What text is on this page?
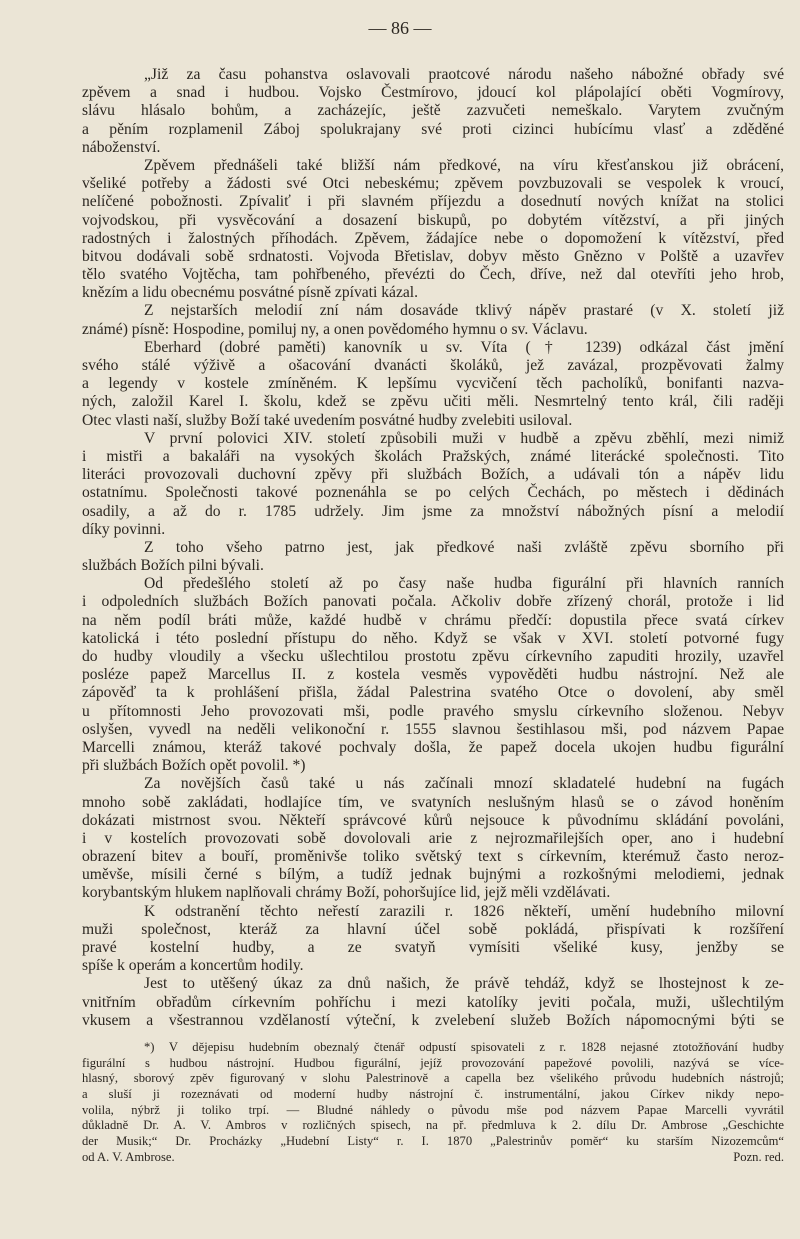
— 86 —
„Již za času pohanstva oslavovali praotcové národu našeho nábožné obřady své
zpěvem a snad i hudbou. Vojsko Čestmírovo, jdoucí kol plápolající oběti Vogmírovy,
slávu hlásalo bohům, a zacházejíc, ještě zazvučeti nemeškalo. Varytem zvučným
a pěním rozplamenil Záboj spolukrajany své proti cizinci hubícímu vlasť a zděděné
náboženství.
Zpěvem přednášeli také bližší nám předkové, na víru křesťanskou již obrácení,
všeliké potřeby a žádosti své Otci nebeskému; zpěvem povzbuzovali se vespolek k vroucí,
nelíčené pobožnosti. Zpívaliť i při slavném příjezdu a dosednutí nových knížat na stolici
vojvodskou, při vysvěcování a dosazení biskupů, po dobytém vítězství, a při jiných
radostných i žalostných příhodách. Zpěvem, žádajíce nebe o dopomožení k vítězství, před
bitvou dodávali sobě srdnatosti. Vojvoda Břetislav, dobyv město Gnězno v Polště a uzavřev
tělo svatého Vojtěcha, tam pohřbeného, převézti do Čech, dříve, než dal otevříti jeho hrob,
knězím a lidu obecnému posvátné písně zpívati kázal.
Z nejstarších melodií zní nám dosaváde tklivý nápěv prastaré (v X. století již
známé) písně: Hospodine, pomiluj ny, a onen povědomého hymnu o sv. Václavu.
Eberhard (dobré paměti) kanovník u sv. Víta († 1239) odkázal část jmění
svého stálé výživě a ošacování dvanácti školáků, jež zavázal, prozpěvovati žalmy
a legendy v kostele zmíněném. K lepšímu vycvičení těch pacholíků, bonifanti nazva-
ných, založil Karel I. školu, kdež se zpěvu učiti měli. Nesmrtelný tento král, čili raději
Otec vlasti naší, služby Boží také uvedením posvátné hudby zvelebiti usiloval.
V první polovici XIV. století způsobili muži v hudbě a zpěvu zběhlí, mezi nimiž
i mistři a bakaláři na vysokých školách Pražských, známé literácké společnosti. Tito
literáci provozovali duchovní zpěvy při službách Božích, a udávali tón a nápěv lidu
ostatnímu. Společnosti takové poznenáhla se po celých Čechách, po městech i dědinách
osadily, a až do r. 1785 udržely. Jim jsme za množství nábožných písní a melodií
díky povinni.
Z toho všeho patrno jest, jak předkové naši zvláště zpěvu sborního při
službách Božích pilni bývali.
Od předešlého století až po časy naše hudba figurální při hlavních ranních
i odpoledních službách Božích panovati počala. Ačkoliv dobře zřízený chorál, protože i lid
na něm podíl bráti může, každé hudbě v chrámu předčí: dopustila přece svatá církev
katolická i této poslední přístupu do něho. Když se však v XVI. století potvorné fugy
do hudby vloudily a všecku ušlechtilou prostotu zpěvu církevního zapuditi hrozily, uzavřel
posléze papež Marcellus II. z kostela vesměs vypověděti hudbu nástrojní. Než ale
zápověď ta k prohlášení přišla, žádal Palestrina svatého Otce o dovolení, aby směl
u přítomnosti Jeho provozovati mši, podle pravého smyslu církevního složenou. Nebyv
oslyšen, vyvedl na neděli velikonoční r. 1555 slavnou šestihlasou mši, pod názvem Papae
Marcelli známou, kteráž takové pochvaly došla, že papež docela ukojen hudbu figurální
při službách Božích opět povolil. *)
Za novějších časů také u nás začínali mnozí skladatelé hudební na fugách
mnoho sobě zakládati, hodlajíce tím, ve svatyních neslušným hlasů se o závod honěním
dokázati mistrnost svou. Někteří správcové kůrů nejsouce k původnímu skládání povoláni,
i v kostelích provozovati sobě dovolovali arie z nejrozmařilejších oper, ano i hudební
obrazení bitev a bouří, proměnivše toliko světský text s církevním, kterémuž často neroz-
uměvše, mísili černé s bílým, a tudíž jednak bujnými a rozkošnými melodiemi, jednak
korybantským hlukem naplňovali chrámy Boží, pohoršujíce lid, jejž měli vzdělávati.
K odstranění těchto neřestí zarazili r. 1826 někteří, umění hudebního milovní
muži společnost, kteráž za hlavní účel sobě pokládá, přispívati k rozšíření
pravé kostelní hudby, a ze svatyň vymísiti všeliké kusy, jenžby se
spíše k operám a koncertům hodily.
Jest to utěšený úkaz za dnů našich, že právě tehdáž, když se lhostejnost k ze-
vnitřním obřadům církevním pohříchu i mezi katolíky jeviti počala, muži, ušlechtilým
vkusem a všestrannou vzdělaností výteční, k zvelebení služeb Božích nápomocnými býti se
*) V dějepisu hudebním obeznalý čtenář odpustí spisovateli z r. 1828 nejasné ztotožňování hudby
figurální s hudbou nástrojní. Hudbou figurální, jejíž provozování papežové povolili, nazývá se více-
hlasný, sborový zpěv figurovaný v slohu Palestrinově a capella bez všelikého průvodu hudebních nástrojů;
a sluší ji rozeznávati od moderní hudby nástrojní č. instrumentální, jakou Církev nikdy nepo-
volila, nýbrž ji toliko trpí. — Bludné náhledy o původu mše pod názvem Papae Marcelli vyvrátil
důkladně Dr. A. V. Ambros v rozličných spisech, na př. předmluva k 2. dílu Dr. Ambrose „Geschichte
der Musik;“ Dr. Procházky „Hudební Listy“ r. I. 1870 „Palestrinův poměr“ ku starším Nizozemcům“
od A. V. Ambrose.	Pozn. red.
